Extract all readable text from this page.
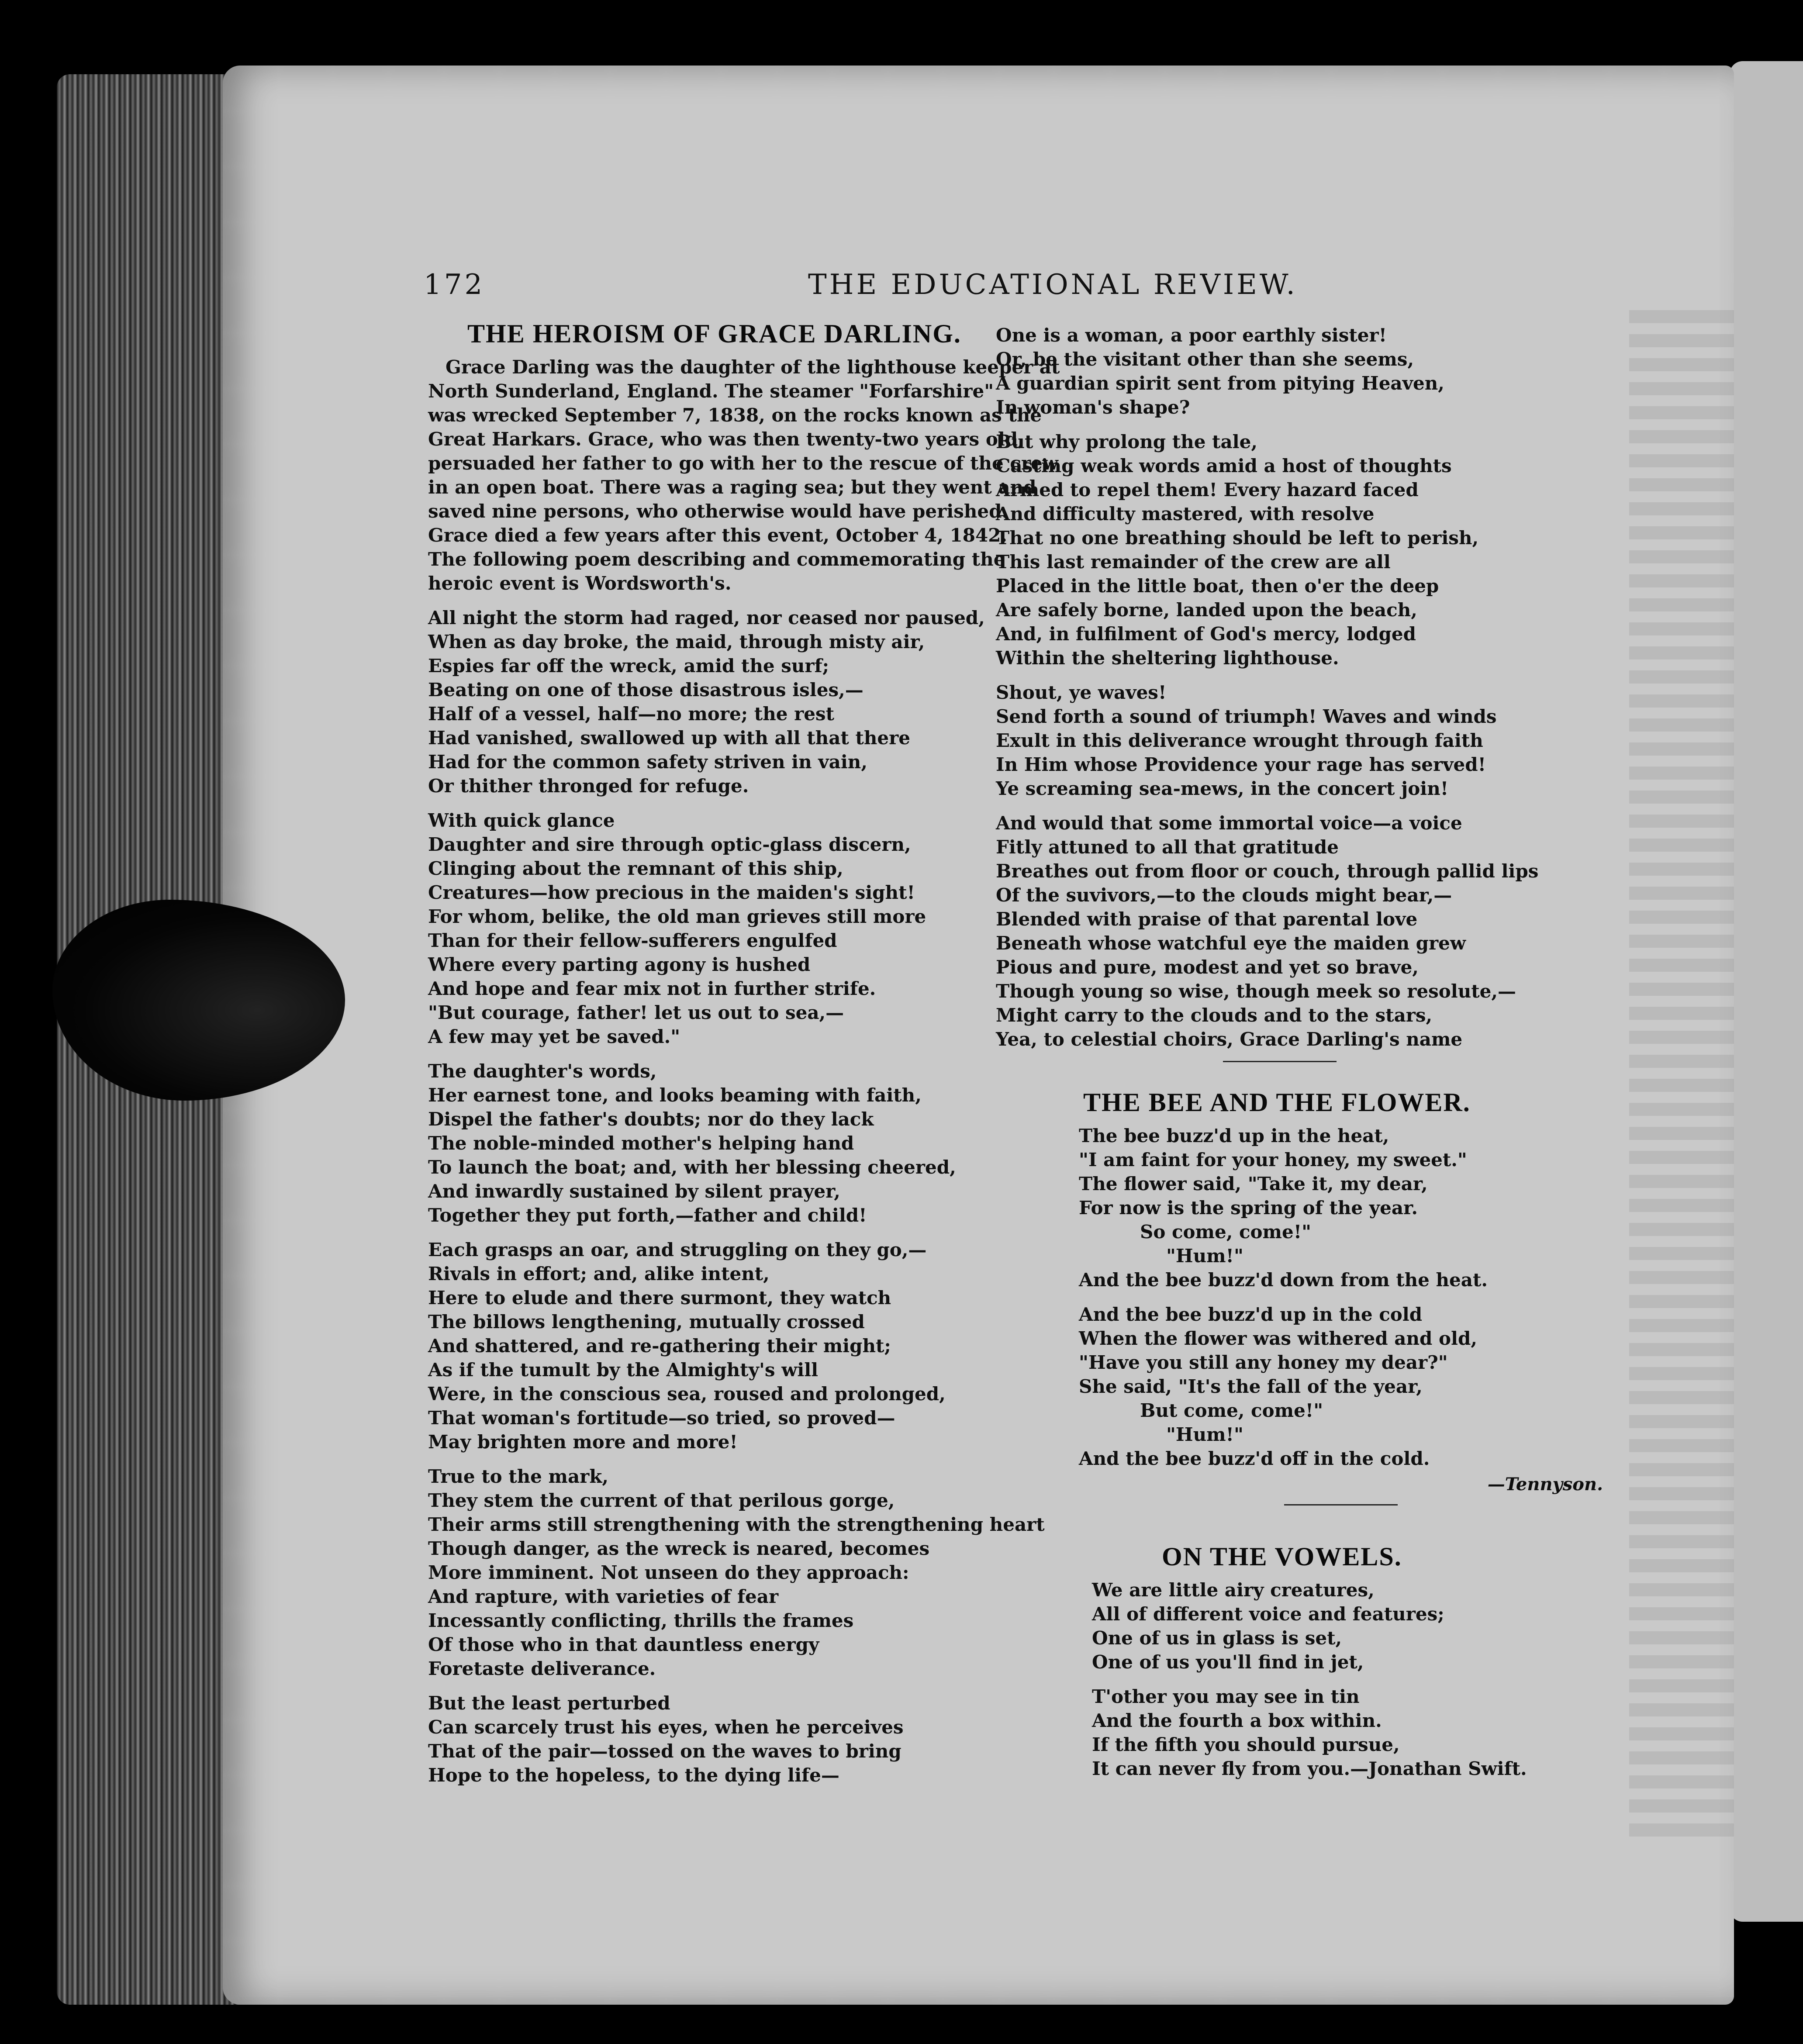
172	THE EDUCATIONAL REVIEW.
THE HEROISM OF GRACE DARLING.
Grace Darling was the daughter of the lighthouse keeper at
North Sunderland, England. The steamer "Forfarshire"
was wrecked September 7, 1838, on the rocks known as the
Great Harkars. Grace, who was then twenty-two years old,
persuaded her father to go with her to the rescue of the crew
in an open boat. There was a raging sea; but they went and
saved nine persons, who otherwise would have perished.
Grace died a few years after this event, October 4, 1842.
The following poem describing and commemorating the
heroic event is Wordsworth's.
All night the storm had raged, nor ceased nor paused,
When as day broke, the maid, through misty air,
Espies far off the wreck, amid the surf;
Beating on one of those disastrous isles,—
Half of a vessel, half—no more; the rest
Had vanished, swallowed up with all that there
Had for the common safety striven in vain,
Or thither thronged for refuge.
With quick glance
Daughter and sire through optic-glass discern,
Clinging about the remnant of this ship,
Creatures—how precious in the maiden's sight!
For whom, belike, the old man grieves still more
Than for their fellow-sufferers engulfed
Where every parting agony is hushed
And hope and fear mix not in further strife.
"But courage, father! let us out to sea,—
A few may yet be saved."
The daughter's words,
Her earnest tone, and looks beaming with faith,
Dispel the father's doubts; nor do they lack
The noble-minded mother's helping hand
To launch the boat; and, with her blessing cheered,
And inwardly sustained by silent prayer,
Together they put forth,—father and child!
Each grasps an oar, and struggling on they go,—
Rivals in effort; and, alike intent,
Here to elude and there surmont, they watch
The billows lengthening, mutually crossed
And shattered, and re-gathering their might;
As if the tumult by the Almighty's will
Were, in the conscious sea, roused and prolonged,
That woman's fortitude—so tried, so proved—
May brighten more and more!
True to the mark,
They stem the current of that perilous gorge,
Their arms still strengthening with the strengthening heart
Though danger, as the wreck is neared, becomes
More imminent. Not unseen do they approach:
And rapture, with varieties of fear
Incessantly conflicting, thrills the frames
Of those who in that dauntless energy
Foretaste deliverance.
But the least perturbed
Can scarcely trust his eyes, when he perceives
That of the pair—tossed on the waves to bring
Hope to the hopeless, to the dying life—
One is a woman, a poor earthly sister!
Or, be the visitant other than she seems,
A guardian spirit sent from pitying Heaven,
In woman's shape?
But why prolong the tale,
Casting weak words amid a host of thoughts
Armed to repel them! Every hazard faced
And difficulty mastered, with resolve
That no one breathing should be left to perish,
This last remainder of the crew are all
Placed in the little boat, then o'er the deep
Are safely borne, landed upon the beach,
And, in fulfilment of God's mercy, lodged
Within the sheltering lighthouse.
Shout, ye waves!
Send forth a sound of triumph! Waves and winds
Exult in this deliverance wrought through faith
In Him whose Providence your rage has served!
Ye screaming sea-mews, in the concert join!
And would that some immortal voice—a voice
Fitly attuned to all that gratitude
Breathes out from floor or couch, through pallid lips
Of the suvivors,—to the clouds might bear,—
Blended with praise of that parental love
Beneath whose watchful eye the maiden grew
Pious and pure, modest and yet so brave,
Though young so wise, though meek so resolute,—
Might carry to the clouds and to the stars,
Yea, to celestial choirs, Grace Darling's name
THE BEE AND THE FLOWER.
The bee buzz'd up in the heat,
"I am faint for your honey, my sweet."
The flower said, "Take it, my dear,
For now is the spring of the year.
So come, come!"
"Hum!"
And the bee buzz'd down from the heat.
And the bee buzz'd up in the cold
When the flower was withered and old,
"Have you still any honey my dear?"
She said, "It's the fall of the year,
But come, come!"
"Hum!"
And the bee buzz'd off in the cold.
—Tennyson.
ON THE VOWELS.
We are little airy creatures,
All of different voice and features;
One of us in glass is set,
One of us you'll find in jet,
T'other you may see in tin
And the fourth a box within.
If the fifth you should pursue,
It can never fly from you.—Jonathan Swift.
